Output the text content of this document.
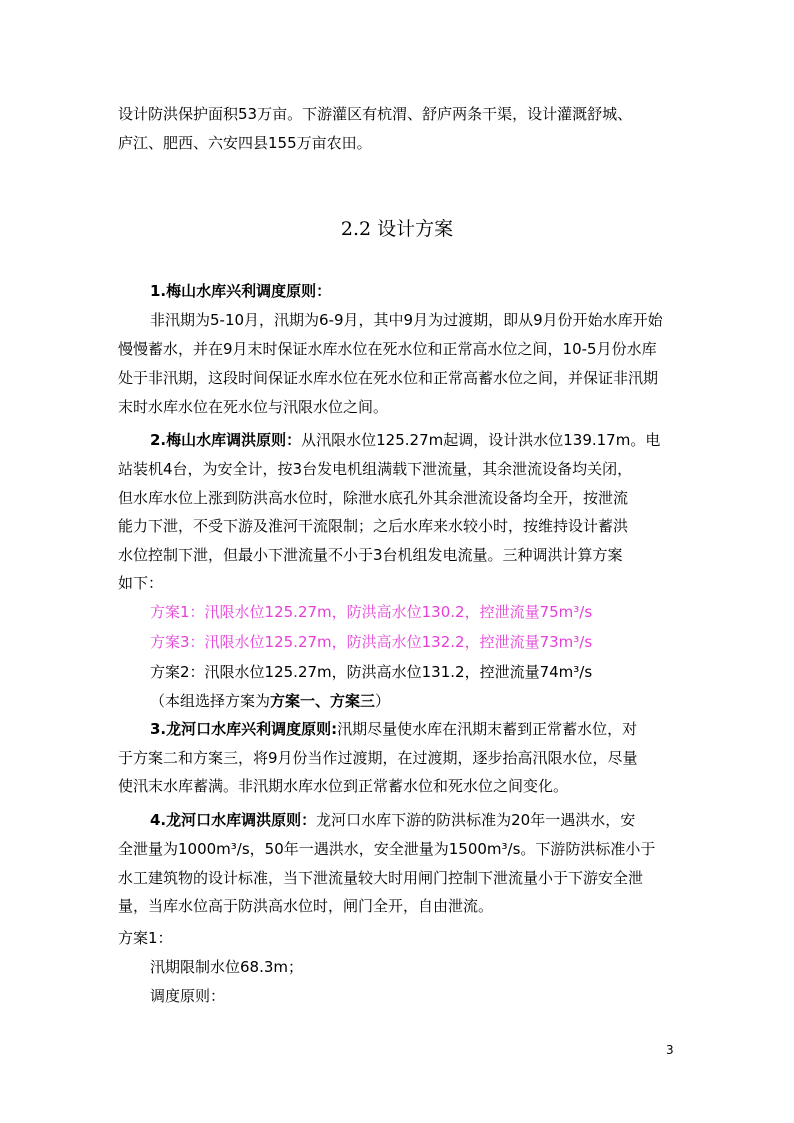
设计防洪保护面积53万亩。下游灌区有杭渭、舒庐两条干渠，设计灌溉舒城、
庐江、肥西、六安四县155万亩农田。
2.2 设计方案
1.梅山水库兴利调度原则：
非汛期为5-10月，汛期为6-9月，其中9月为过渡期，即从9月份开始水库开始
慢慢蓄水，并在9月末时保证水库水位在死水位和正常高水位之间，10-5月份水库
处于非汛期，这段时间保证水库水位在死水位和正常高蓄水位之间，并保证非汛期
末时水库水位在死水位与汛限水位之间。
2.梅山水库调洪原则：从汛限水位125.27m起调，设计洪水位139.17m。电
站装机4台，为安全计，按3台发电机组满载下泄流量，其余泄流设备均关闭，
但水库水位上涨到防洪高水位时，除泄水底孔外其余泄流设备均全开，按泄流
能力下泄，不受下游及淮河干流限制；之后水库来水较小时，按维持设计蓄洪
水位控制下泄，但最小下泄流量不小于3台机组发电流量。三种调洪计算方案
如下：
方案1：汛限水位125.27m，防洪高水位130.2，控泄流量75m³/s
方案3：汛限水位125.27m，防洪高水位132.2，控泄流量73m³/s
方案2：汛限水位125.27m，防洪高水位131.2，控泄流量74m³/s
（本组选择方案为方案一、方案三）
3.龙河口水库兴利调度原则:汛期尽量使水库在汛期末蓄到正常蓄水位，对
于方案二和方案三，将9月份当作过渡期，在过渡期，逐步抬高汛限水位，尽量
使汛末水库蓄满。非汛期水库水位到正常蓄水位和死水位之间变化。
4.龙河口水库调洪原则：龙河口水库下游的防洪标准为20年一遇洪水，安
全泄量为1000m³/s，50年一遇洪水，安全泄量为1500m³/s。下游防洪标准小于
水工建筑物的设计标准，当下泄流量较大时用闸门控制下泄流量小于下游安全泄
量，当库水位高于防洪高水位时，闸门全开，自由泄流。
方案1：
汛期限制水位68.3m；
调度原则：
3
